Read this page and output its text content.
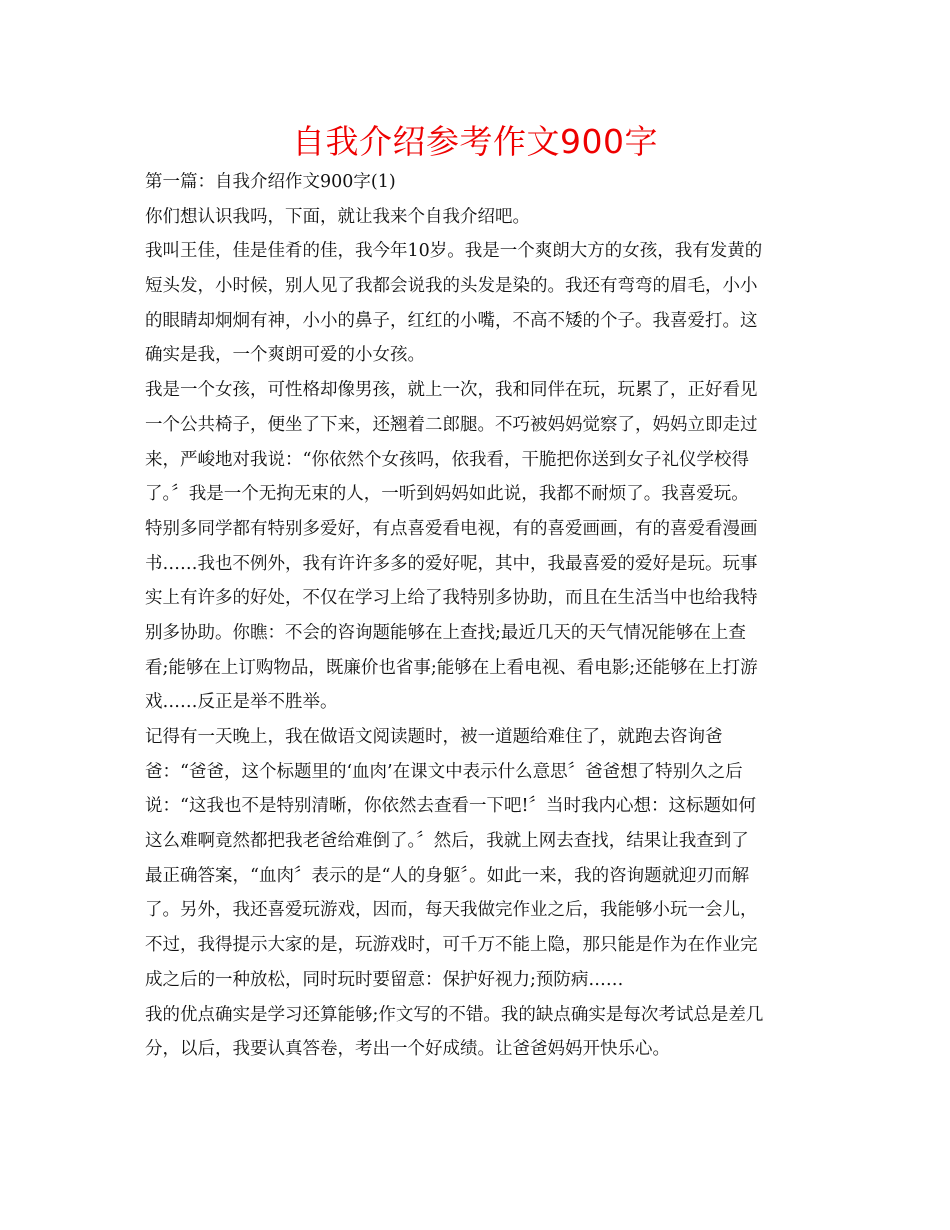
自我介绍参考作文900字
第一篇：自我介绍作文900字(1)
你们想认识我吗，下面，就让我来个自我介绍吧。
我叫王佳，佳是佳肴的佳，我今年10岁。我是一个爽朗大方的女孩，我有发黄的
短头发，小时候，别人见了我都会说我的头发是染的。我还有弯弯的眉毛，小小
的眼睛却炯炯有神，小小的鼻子，红红的小嘴，不高不矮的个子。我喜爱打。这
确实是我，一个爽朗可爱的小女孩。
我是一个女孩，可性格却像男孩，就上一次，我和同伴在玩，玩累了，正好看见
一个公共椅子，便坐了下来，还翘着二郎腿。不巧被妈妈觉察了，妈妈立即走过
来，严峻地对我说：“你依然个女孩吗，依我看，干脆把你送到女子礼仪学校得
了。〞我是一个无拘无束的人，一听到妈妈如此说，我都不耐烦了。我喜爱玩。
特别多同学都有特别多爱好，有点喜爱看电视，有的喜爱画画，有的喜爱看漫画
书……我也不例外，我有许许多多的爱好呢，其中，我最喜爱的爱好是玩。玩事
实上有许多的好处，不仅在学习上给了我特别多协助，而且在生活当中也给我特
别多协助。你瞧：不会的咨询题能够在上查找;最近几天的天气情况能够在上查
看;能够在上订购物品，既廉价也省事;能够在上看电视、看电影;还能够在上打游
戏……反正是举不胜举。
记得有一天晚上，我在做语文阅读题时，被一道题给难住了，就跑去咨询爸
爸：“爸爸，这个标题里的‘血肉’在课文中表示什么意思〞爸爸想了特别久之后
说：“这我也不是特别清晰，你依然去查看一下吧!〞当时我内心想：这标题如何
这么难啊竟然都把我老爸给难倒了。〞然后，我就上网去查找，结果让我查到了
最正确答案，“血肉〞表示的是“人的身躯〞。如此一来，我的咨询题就迎刃而解
了。另外，我还喜爱玩游戏，因而，每天我做完作业之后，我能够小玩一会儿，
不过，我得提示大家的是，玩游戏时，可千万不能上隐，那只能是作为在作业完
成之后的一种放松，同时玩时要留意：保护好视力;预防病……
我的优点确实是学习还算能够;作文写的不错。我的缺点确实是每次考试总是差几
分，以后，我要认真答卷，考出一个好成绩。让爸爸妈妈开快乐心。
